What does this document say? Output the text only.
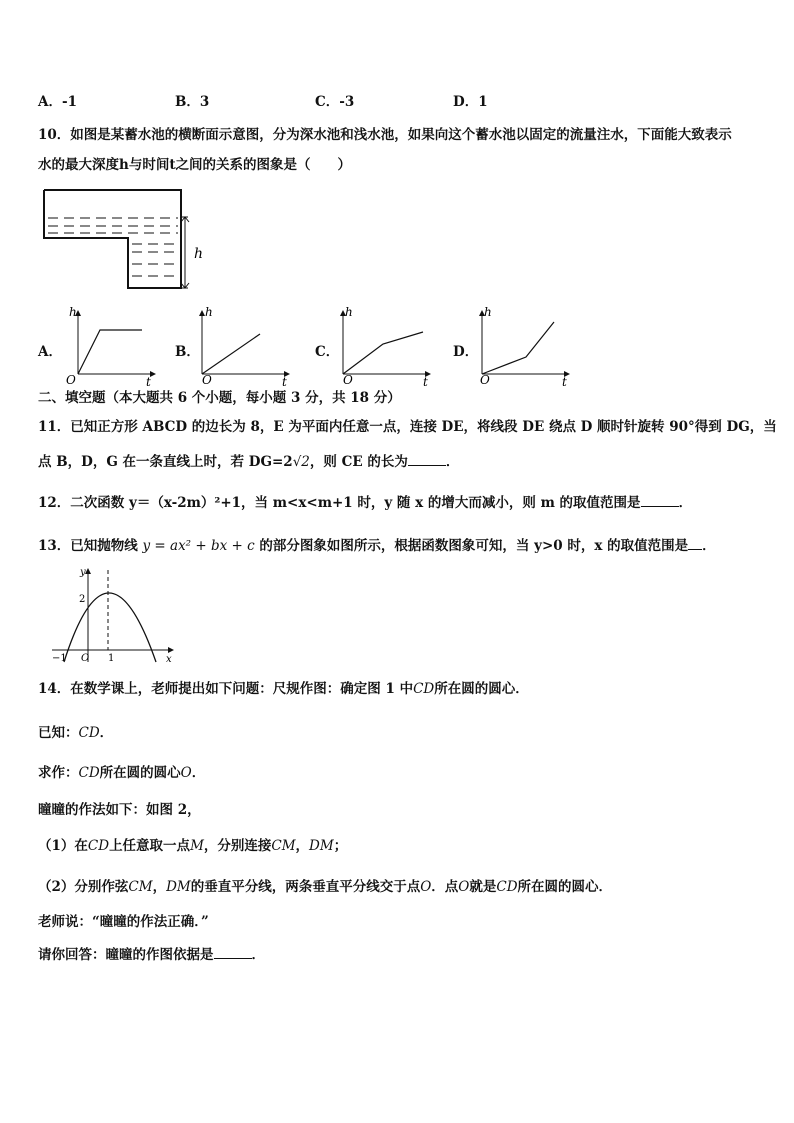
A．-1	B．3	C．-3	D．1
10．如图是某蓄水池的横断面示意图，分为深水池和浅水池，如果向这个蓄水池以固定的流量注水，下面能大致表示
水的最大深度h与时间t之间的关系的图象是（　　）
h
A．
h
t
O
B．
h
t
O
C．
h
t
O
D．
h
t
O
二、填空题（本大题共 6 个小题，每小题 3 分，共 18 分）
11．已知正方形 ABCD 的边长为 8，E 为平面内任意一点，连接 DE，将线段 DE 绕点 D 顺时针旋转 90°得到 DG，当
点 B，D，G 在一条直线上时，若 DG=2√2，则 CE 的长为	．
12．二次函数 y＝（x-2m）²+1，当 m<x<m+1 时，y 随 x 的增大而减小，则 m 的取值范围是	．
13．已知抛物线 y = ax² + bx + c 的部分图象如图所示，根据函数图象可知，当 y>0 时，x 的取值范围是 ．
y
x
2
−1 O 1
14．在数学课上，老师提出如下问题：尺规作图：确定图 1 中CD所在圆的圆心．
已知：CD．
求作：CD所在圆的圆心O．
曈曈的作法如下：如图 2，
（1）在CD上任意取一点M，分别连接CM，DM；
（2）分别作弦CM，DM的垂直平分线，两条垂直平分线交于点O．点O就是CD所在圆的圆心．
老师说：“曈曈的作法正确．”
请你回答：曈曈的作图依据是	．
